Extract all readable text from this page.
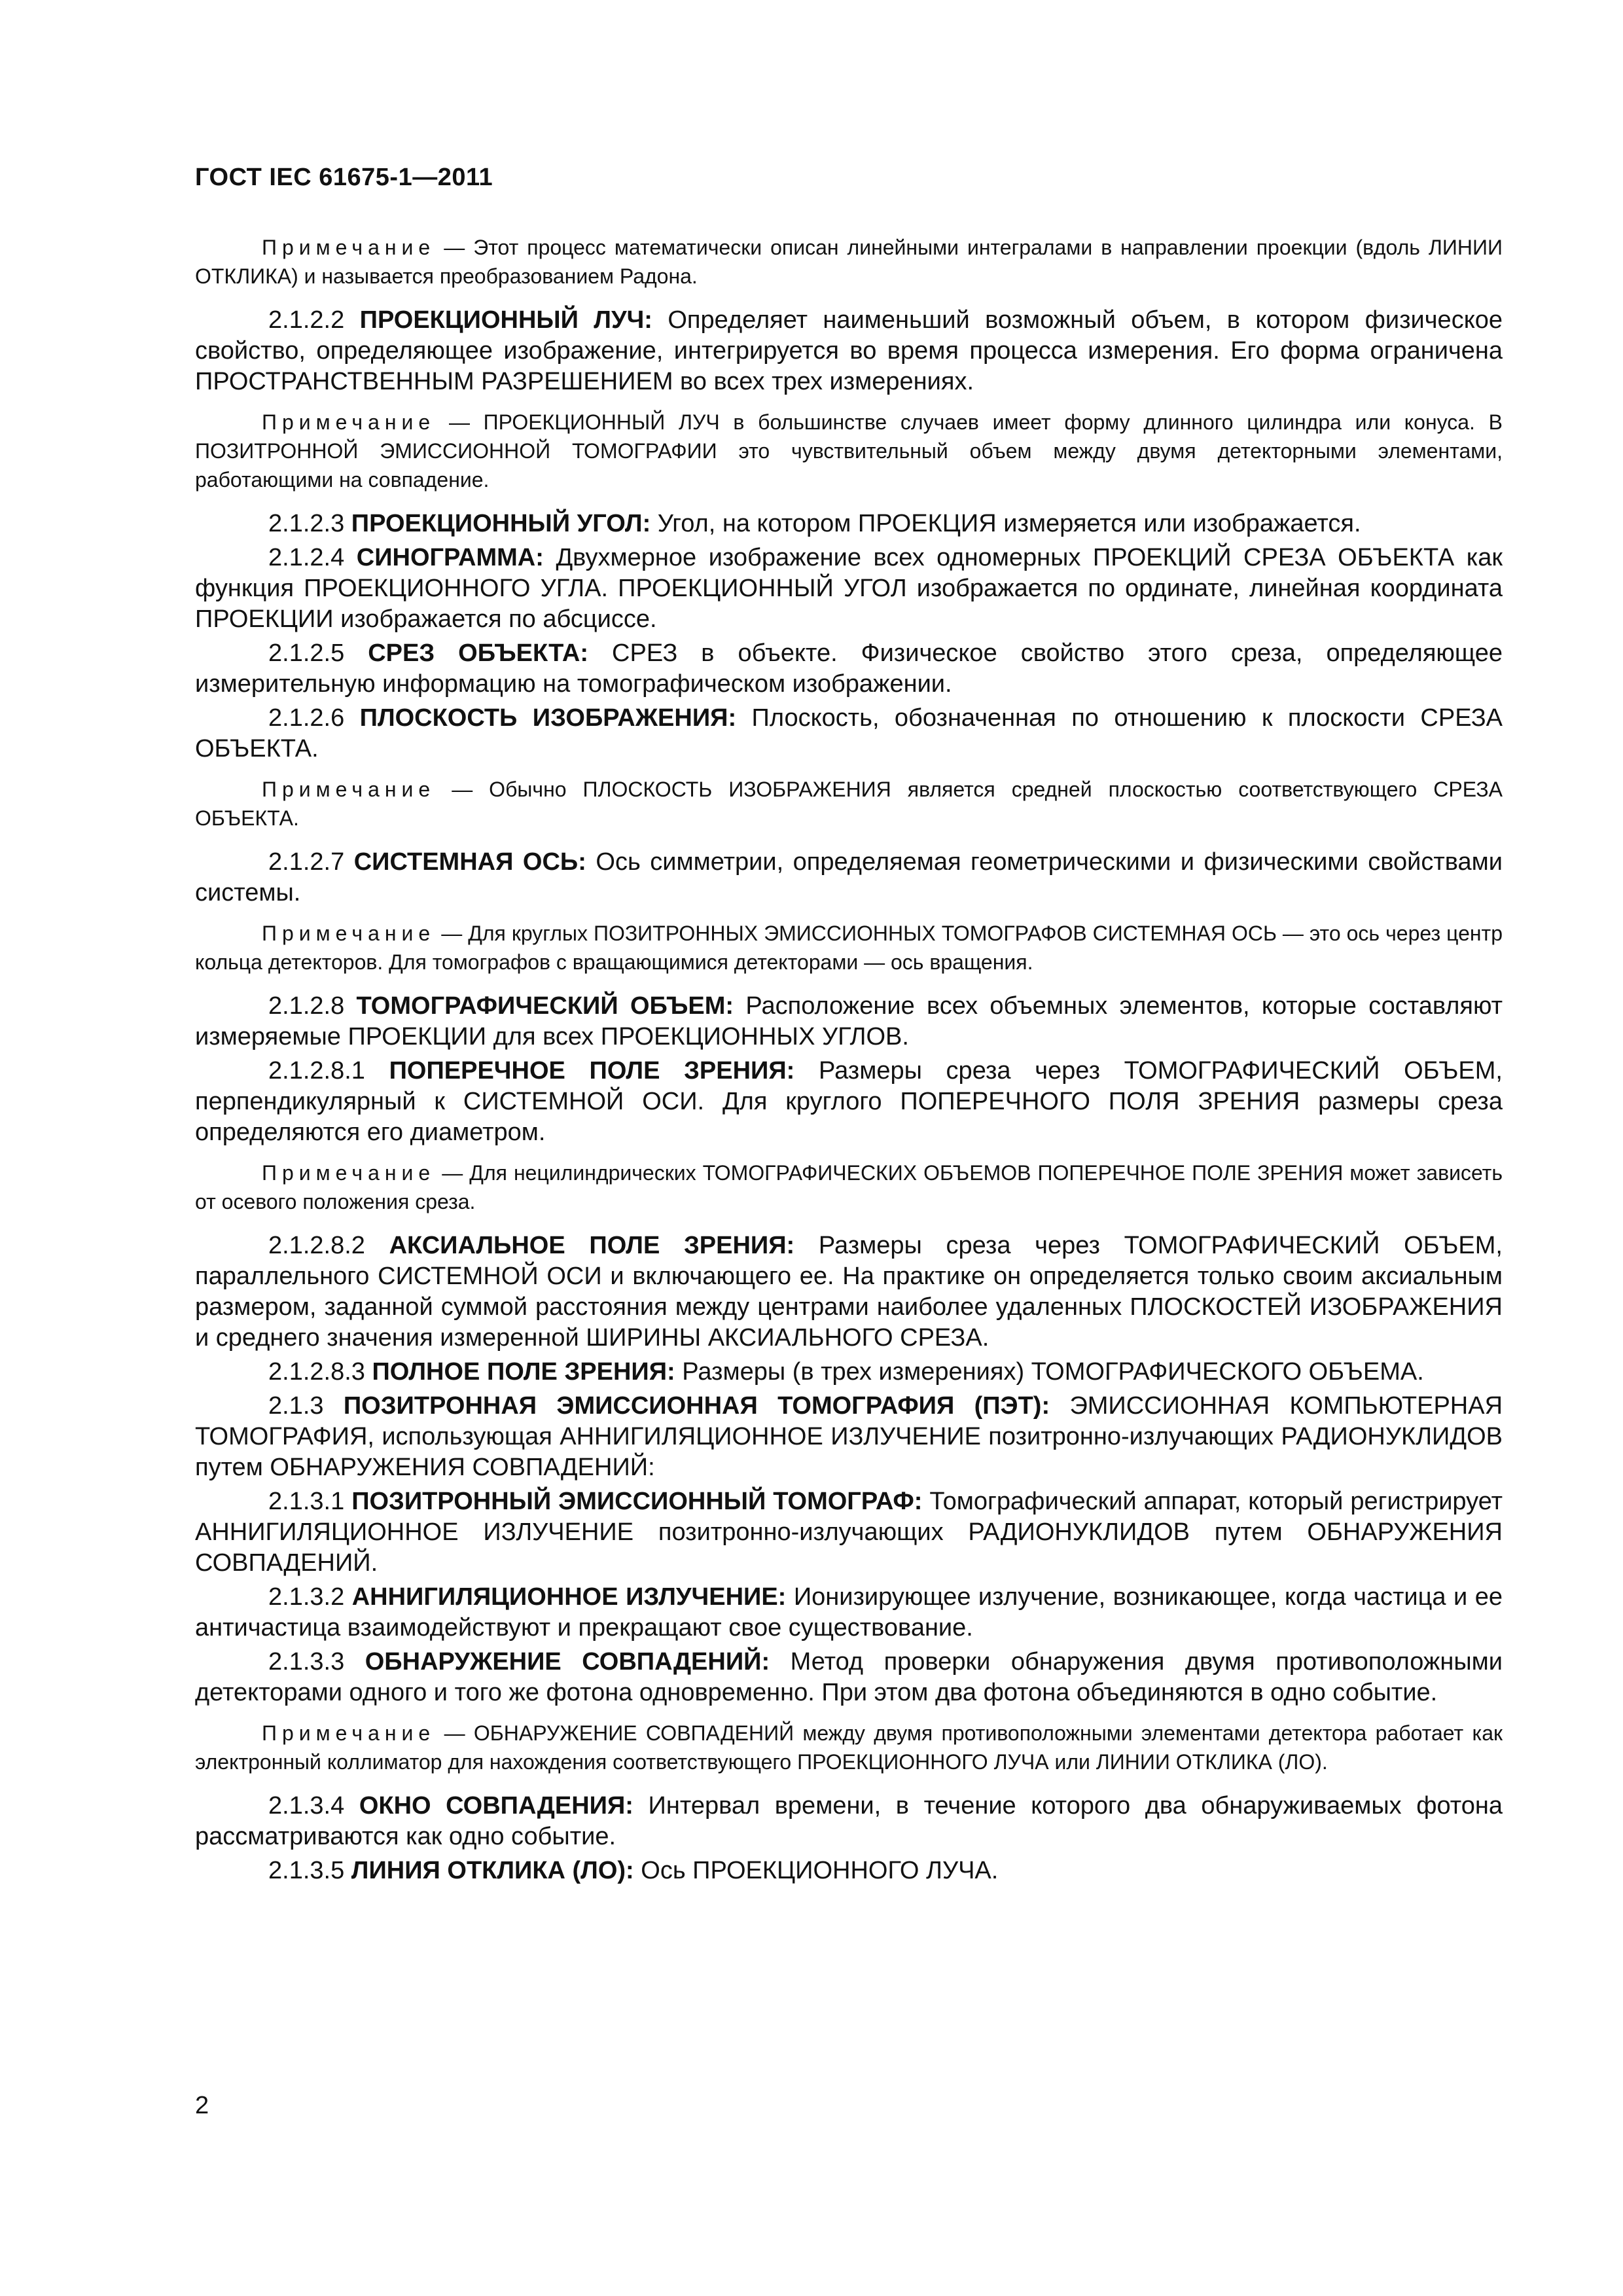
ГОСТ IEC 61675-1—2011

Примечание — Этот процесс математически описан линейными интегралами в направлении проекции (вдоль ЛИНИИ ОТКЛИКА) и называется преобразованием Радона.

2.1.2.2 ПРОЕКЦИОННЫЙ ЛУЧ: Определяет наименьший возможный объем, в котором физическое свойство, определяющее изображение, интегрируется во время процесса измерения. Его форма ограничена ПРОСТРАНСТВЕННЫМ РАЗРЕШЕНИЕМ во всех трех измерениях.

Примечание — ПРОЕКЦИОННЫЙ ЛУЧ в большинстве случаев имеет форму длинного цилиндра или конуса. В ПОЗИТРОННОЙ ЭМИССИОННОЙ ТОМОГРАФИИ это чувствительный объем между двумя детекторными элементами, работающими на совпадение.

2.1.2.3 ПРОЕКЦИОННЫЙ УГОЛ: Угол, на котором ПРОЕКЦИЯ измеряется или изображается.

2.1.2.4 СИНОГРАММА: Двухмерное изображение всех одномерных ПРОЕКЦИЙ СРЕЗА ОБЪЕКТА как функция ПРОЕКЦИОННОГО УГЛА. ПРОЕКЦИОННЫЙ УГОЛ изображается по ординате, линейная координата ПРОЕКЦИИ изображается по абсциссе.

2.1.2.5 СРЕЗ ОБЪЕКТА: СРЕЗ в объекте. Физическое свойство этого среза, определяющее измерительную информацию на томографическом изображении.

2.1.2.6 ПЛОСКОСТЬ ИЗОБРАЖЕНИЯ: Плоскость, обозначенная по отношению к плоскости СРЕЗА ОБЪЕКТА.

Примечание — Обычно ПЛОСКОСТЬ ИЗОБРАЖЕНИЯ является средней плоскостью соответствующего СРЕЗА ОБЪЕКТА.

2.1.2.7 СИСТЕМНАЯ ОСЬ: Ось симметрии, определяемая геометрическими и физическими свойствами системы.

Примечание — Для круглых ПОЗИТРОННЫХ ЭМИССИОННЫХ ТОМОГРАФОВ СИСТЕМНАЯ ОСЬ — это ось через центр кольца детекторов. Для томографов с вращающимися детекторами — ось вращения.

2.1.2.8 ТОМОГРАФИЧЕСКИЙ ОБЪЕМ: Расположение всех объемных элементов, которые составляют измеряемые ПРОЕКЦИИ для всех ПРОЕКЦИОННЫХ УГЛОВ.

2.1.2.8.1 ПОПЕРЕЧНОЕ ПОЛЕ ЗРЕНИЯ: Размеры среза через ТОМОГРАФИЧЕСКИЙ ОБЪЕМ, перпендикулярный к СИСТЕМНОЙ ОСИ. Для круглого ПОПЕРЕЧНОГО ПОЛЯ ЗРЕНИЯ размеры среза определяются его диаметром.

Примечание — Для нецилиндрических ТОМОГРАФИЧЕСКИХ ОБЪЕМОВ ПОПЕРЕЧНОЕ ПОЛЕ ЗРЕНИЯ может зависеть от осевого положения среза.

2.1.2.8.2 АКСИАЛЬНОЕ ПОЛЕ ЗРЕНИЯ: Размеры среза через ТОМОГРАФИЧЕСКИЙ ОБЪЕМ, параллельного СИСТЕМНОЙ ОСИ и включающего ее. На практике он определяется только своим аксиальным размером, заданной суммой расстояния между центрами наиболее удаленных ПЛОСКОСТЕЙ ИЗОБРАЖЕНИЯ и среднего значения измеренной ШИРИНЫ АКСИАЛЬНОГО СРЕЗА.

2.1.2.8.3 ПОЛНОЕ ПОЛЕ ЗРЕНИЯ: Размеры (в трех измерениях) ТОМОГРАФИЧЕСКОГО ОБЪЕМА.

2.1.3 ПОЗИТРОННАЯ ЭМИССИОННАЯ ТОМОГРАФИЯ (ПЭТ): ЭМИССИОННАЯ КОМПЬЮТЕРНАЯ ТОМОГРАФИЯ, использующая АННИГИЛЯЦИОННОЕ ИЗЛУЧЕНИЕ позитронно-излучающих РАДИОНУКЛИДОВ путем ОБНАРУЖЕНИЯ СОВПАДЕНИЙ:

2.1.3.1 ПОЗИТРОННЫЙ ЭМИССИОННЫЙ ТОМОГРАФ: Томографический аппарат, который регистрирует АННИГИЛЯЦИОННОЕ ИЗЛУЧЕНИЕ позитронно-излучающих РАДИОНУКЛИДОВ путем ОБНАРУЖЕНИЯ СОВПАДЕНИЙ.

2.1.3.2 АННИГИЛЯЦИОННОЕ ИЗЛУЧЕНИЕ: Ионизирующее излучение, возникающее, когда частица и ее античастица взаимодействуют и прекращают свое существование.

2.1.3.3 ОБНАРУЖЕНИЕ СОВПАДЕНИЙ: Метод проверки обнаружения двумя противоположными детекторами одного и того же фотона одновременно. При этом два фотона объединяются в одно событие.

Примечание — ОБНАРУЖЕНИЕ СОВПАДЕНИЙ между двумя противоположными элементами детектора работает как электронный коллиматор для нахождения соответствующего ПРОЕКЦИОННОГО ЛУЧА или ЛИНИИ ОТКЛИКА (ЛО).

2.1.3.4 ОКНО СОВПАДЕНИЯ: Интервал времени, в течение которого два обнаруживаемых фотона рассматриваются как одно событие.

2.1.3.5 ЛИНИЯ ОТКЛИКА (ЛО): Ось ПРОЕКЦИОННОГО ЛУЧА.

2
